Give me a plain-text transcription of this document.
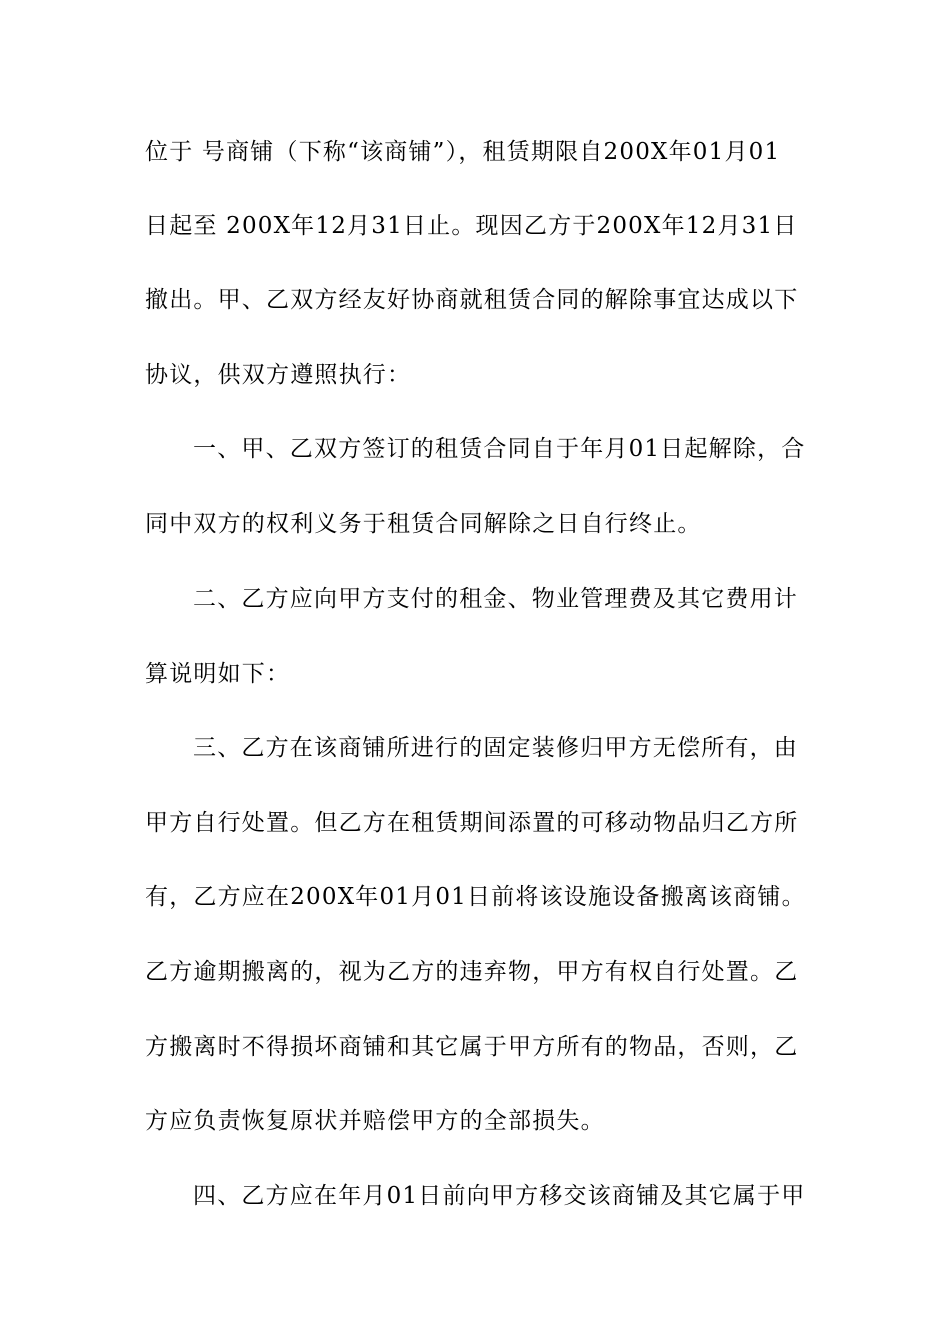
位于 号商铺（下称“该商铺”），租赁期限自200X年01月01
日起至 200X年12月31日止。现因乙方于200X年12月31日
撤出。甲、乙双方经友好协商就租赁合同的解除事宜达成以下
协议，供双方遵照执行：
一、甲、乙双方签订的租赁合同自于年月01日起解除，合
同中双方的权利义务于租赁合同解除之日自行终止。
二、乙方应向甲方支付的租金、物业管理费及其它费用计
算说明如下：
三、乙方在该商铺所进行的固定装修归甲方无偿所有，由
甲方自行处置。但乙方在租赁期间添置的可移动物品归乙方所
有，乙方应在200X年01月01日前将该设施设备搬离该商铺。
乙方逾期搬离的，视为乙方的违弃物，甲方有权自行处置。乙
方搬离时不得损坏商铺和其它属于甲方所有的物品，否则，乙
方应负责恢复原状并赔偿甲方的全部损失。
四、乙方应在年月01日前向甲方移交该商铺及其它属于甲
